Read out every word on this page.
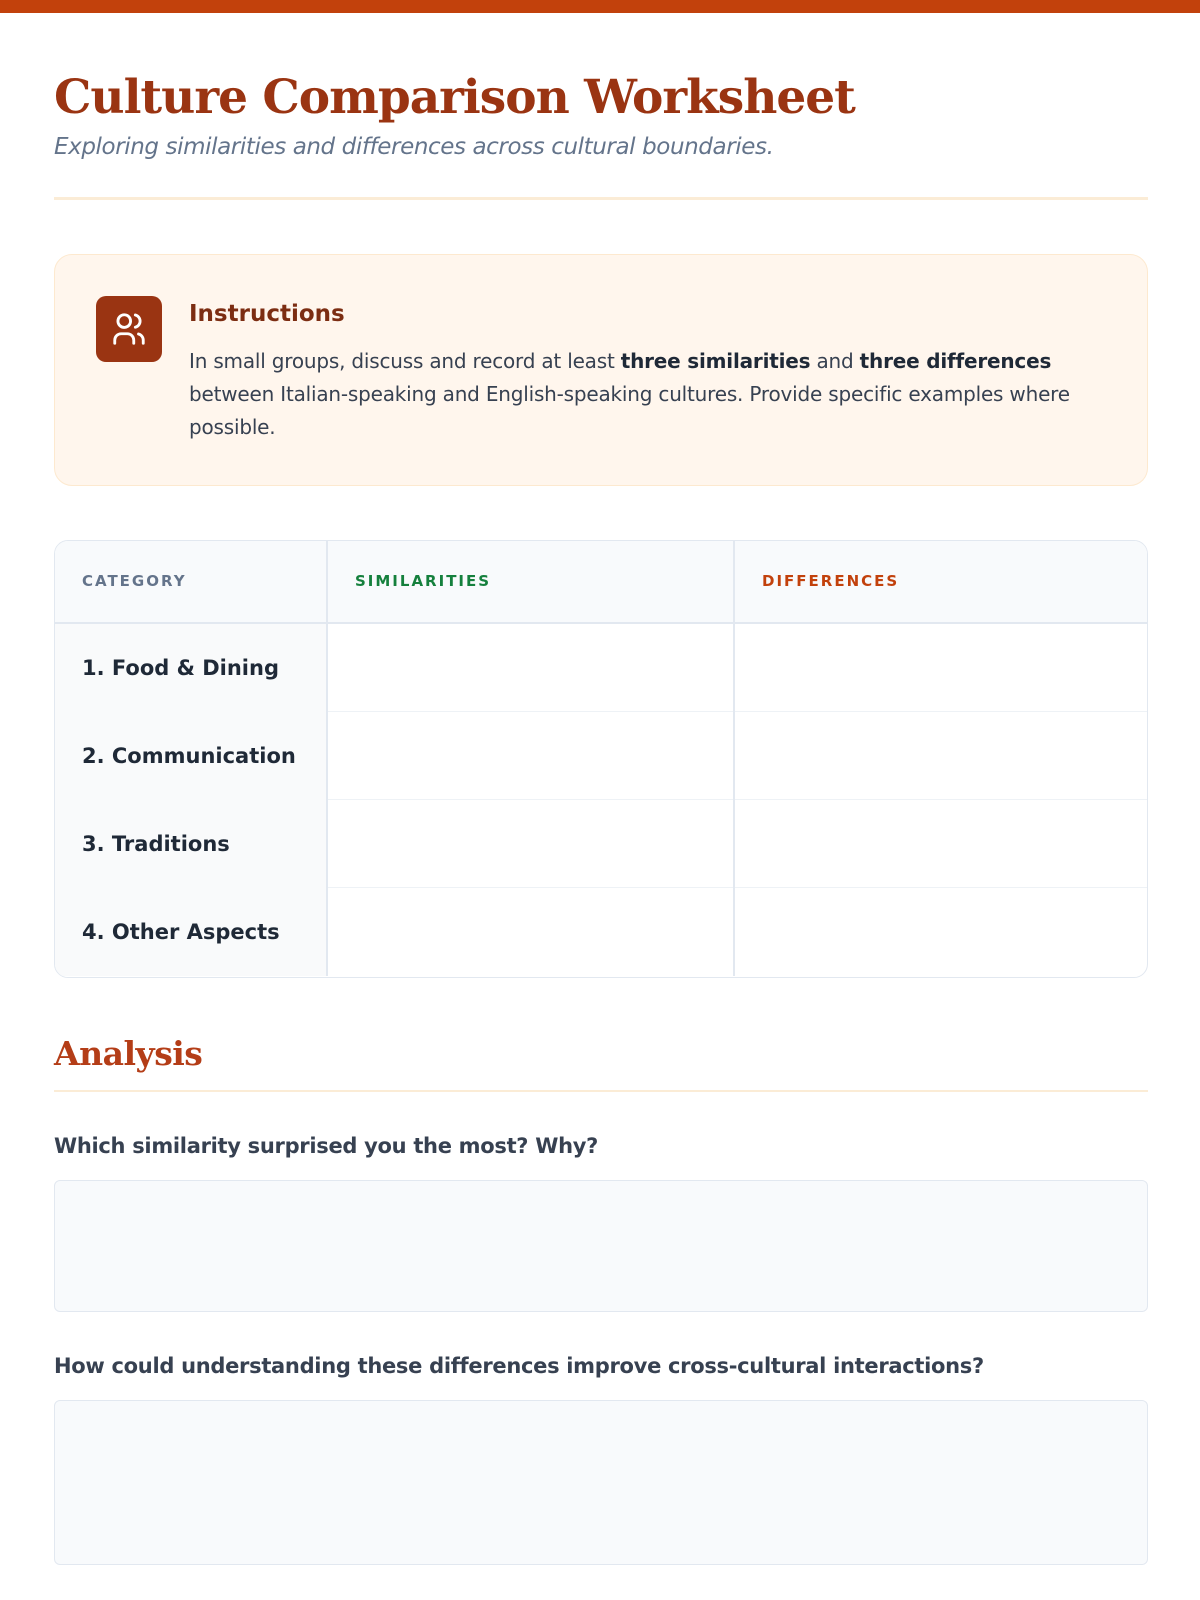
Culture Comparison Worksheet

Exploring similarities and differences across cultural boundaries.

Instructions

In small groups, discuss and record at least three similarities and three differences between Italian-speaking and English-speaking cultures. Provide specific examples where possible.

CATEGORY	SIMILARITIES	DIFFERENCES
1. Food & Dining
2. Communication
3. Traditions
4. Other Aspects
Analysis

Which similarity surprised you the most? Why?

How could understanding these differences improve cross-cultural interactions?
